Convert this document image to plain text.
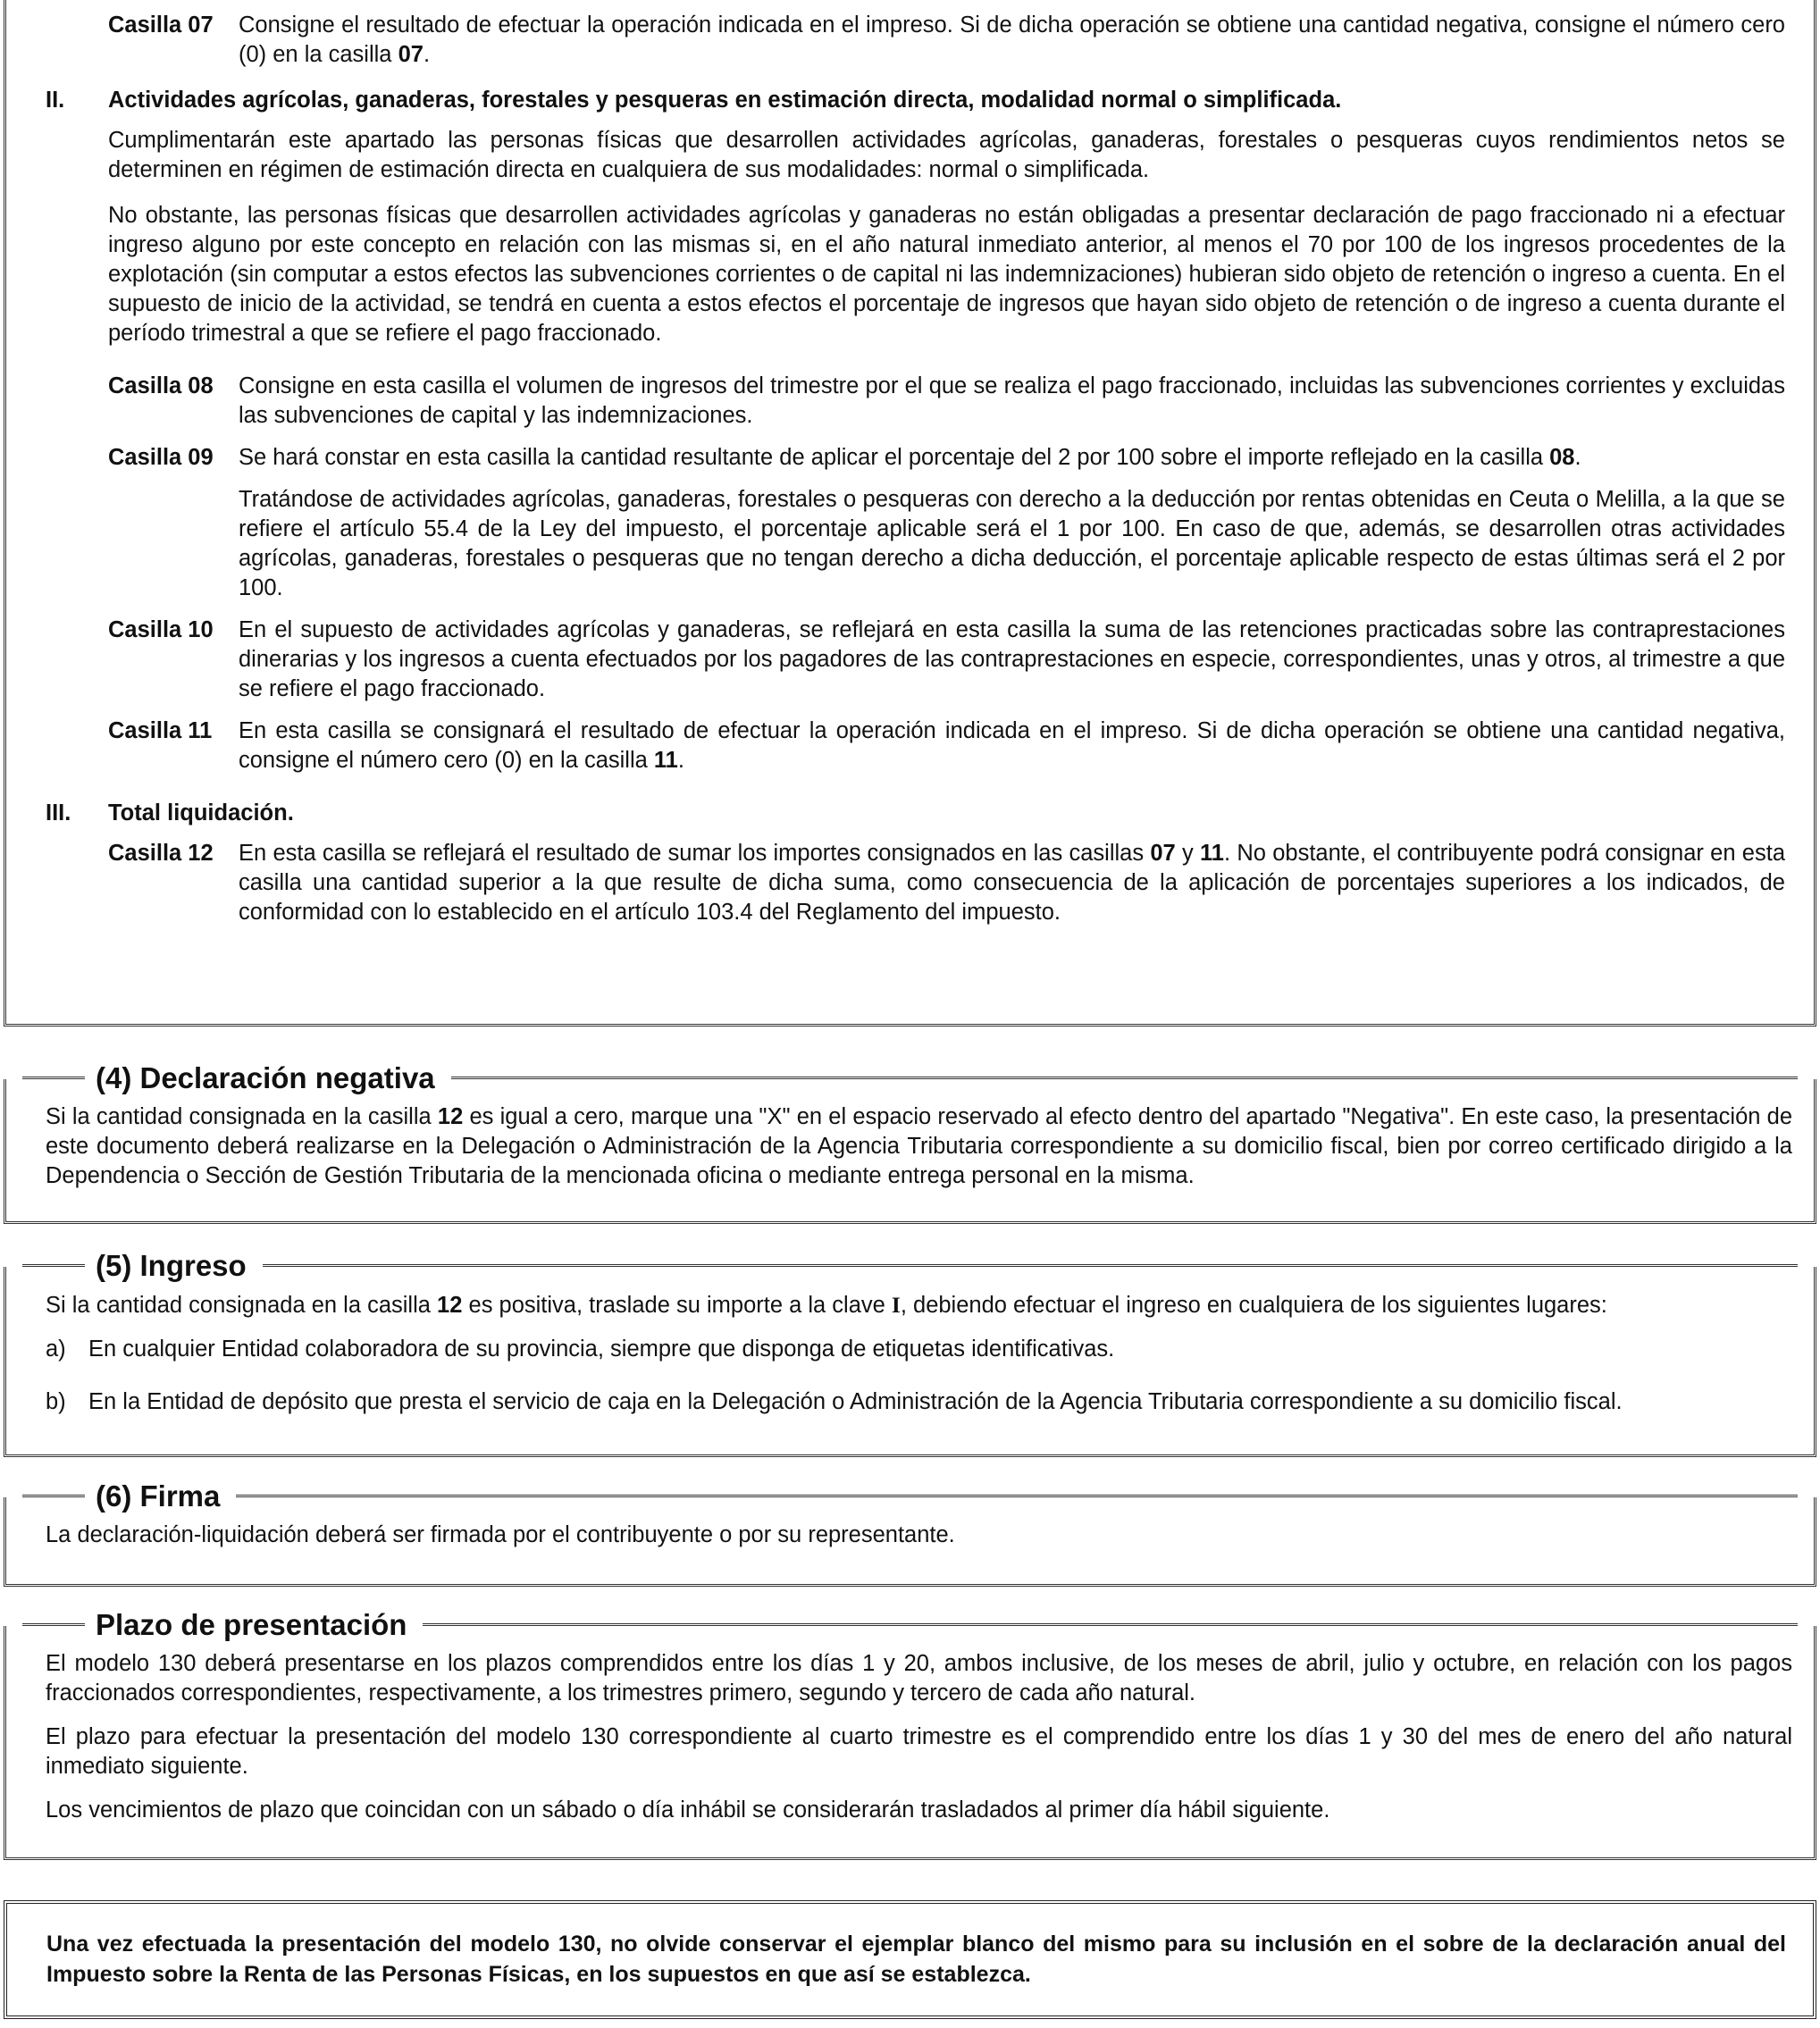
Casilla 07	Consigne el resultado de efectuar la operación indicada en el impreso. Si de dicha operación se obtiene una cantidad negativa, consigne el número cero (0) en la casilla 07.
II.	Actividades agrícolas, ganaderas, forestales y pesqueras en estimación directa, modalidad normal o simplificada.

Cumplimentarán este apartado las personas físicas que desarrollen actividades agrícolas, ganaderas, forestales o pesqueras cuyos rendimientos netos se determinen en régimen de estimación directa en cualquiera de sus modalidades: normal o simplificada.

No obstante, las personas físicas que desarrollen actividades agrícolas y ganaderas no están obligadas a presentar declaración de pago fraccionado ni a efectuar ingreso alguno por este concepto en relación con las mismas si, en el año natural inmediato anterior, al menos el 70 por 100 de los ingresos procedentes de la explotación (sin computar a estos efectos las subvenciones corrientes o de capital ni las indemnizaciones) hubieran sido objeto de retención o ingreso a cuenta. En el supuesto de inicio de la actividad, se tendrá en cuenta a estos efectos el porcentaje de ingresos que hayan sido objeto de retención o de ingreso a cuenta durante el período trimestral a que se refiere el pago fraccionado.

Casilla 08	Consigne en esta casilla el volumen de ingresos del trimestre por el que se realiza el pago fraccionado, incluidas las subvenciones corrientes y excluidas las subvenciones de capital y las indemnizaciones.
Casilla 09	Se hará constar en esta casilla la cantidad resultante de aplicar el porcentaje del 2 por 100 sobre el importe reflejado en la casilla 08.

Tratándose de actividades agrícolas, ganaderas, forestales o pesqueras con derecho a la deducción por rentas obtenidas en Ceuta o Melilla, a la que se refiere el artículo 55.4 de la Ley del impuesto, el porcentaje aplicable será el 1 por 100. En caso de que, además, se desarrollen otras actividades agrícolas, ganaderas, forestales o pesqueras que no tengan derecho a dicha deducción, el porcentaje aplicable respecto de estas últimas será el 2 por 100.

Casilla 10	En el supuesto de actividades agrícolas y ganaderas, se reflejará en esta casilla la suma de las retenciones practicadas sobre las contraprestaciones dinerarias y los ingresos a cuenta efectuados por los pagadores de las contraprestaciones en especie, correspondientes, unas y otros, al trimestre a que se refiere el pago fraccionado.
Casilla 11	En esta casilla se consignará el resultado de efectuar la operación indicada en el impreso. Si de dicha operación se obtiene una cantidad negativa, consigne el número cero (0) en la casilla 11.
III.	Total liquidación.
Casilla 12	En esta casilla se reflejará el resultado de sumar los importes consignados en las casillas 07 y 11. No obstante, el contribuyente podrá consignar en esta casilla una cantidad superior a la que resulte de dicha suma, como consecuencia de la aplicación de porcentajes superiores a los indicados, de conformidad con lo establecido en el artículo 103.4 del Reglamento del impuesto.
(4) Declaración negativa

Si la cantidad consignada en la casilla 12 es igual a cero, marque una "X" en el espacio reservado al efecto dentro del apartado "Negativa". En este caso, la presentación de este documento deberá realizarse en la Delegación o Administración de la Agencia Tributaria correspondiente a su domicilio fiscal, bien por correo certificado dirigido a la Dependencia o Sección de Gestión Tributaria de la mencionada oficina o mediante entrega personal en la misma.

(5) Ingreso

Si la cantidad consignada en la casilla 12 es positiva, traslade su importe a la clave I, debiendo efectuar el ingreso en cualquiera de los siguientes lugares:

a) En cualquier Entidad colaboradora de su provincia, siempre que disponga de etiquetas identificativas.
b) En la Entidad de depósito que presta el servicio de caja en la Delegación o Administración de la Agencia Tributaria correspondiente a su domicilio fiscal.
(6) Firma

La declaración-liquidación deberá ser firmada por el contribuyente o por su representante.

Plazo de presentación

El modelo 130 deberá presentarse en los plazos comprendidos entre los días 1 y 20, ambos inclusive, de los meses de abril, julio y octubre, en relación con los pagos fraccionados correspondientes, respectivamente, a los trimestres primero, segundo y tercero de cada año natural.

El plazo para efectuar la presentación del modelo 130 correspondiente al cuarto trimestre es el comprendido entre los días 1 y 30 del mes de enero del año natural inmediato siguiente.

Los vencimientos de plazo que coincidan con un sábado o día inhábil se considerarán trasladados al primer día hábil siguiente.

Una vez efectuada la presentación del modelo 130, no olvide conservar el ejemplar blanco del mismo para su inclusión en el sobre de la declaración anual del Impuesto sobre la Renta de las Personas Físicas, en los supuestos en que así se establezca.
